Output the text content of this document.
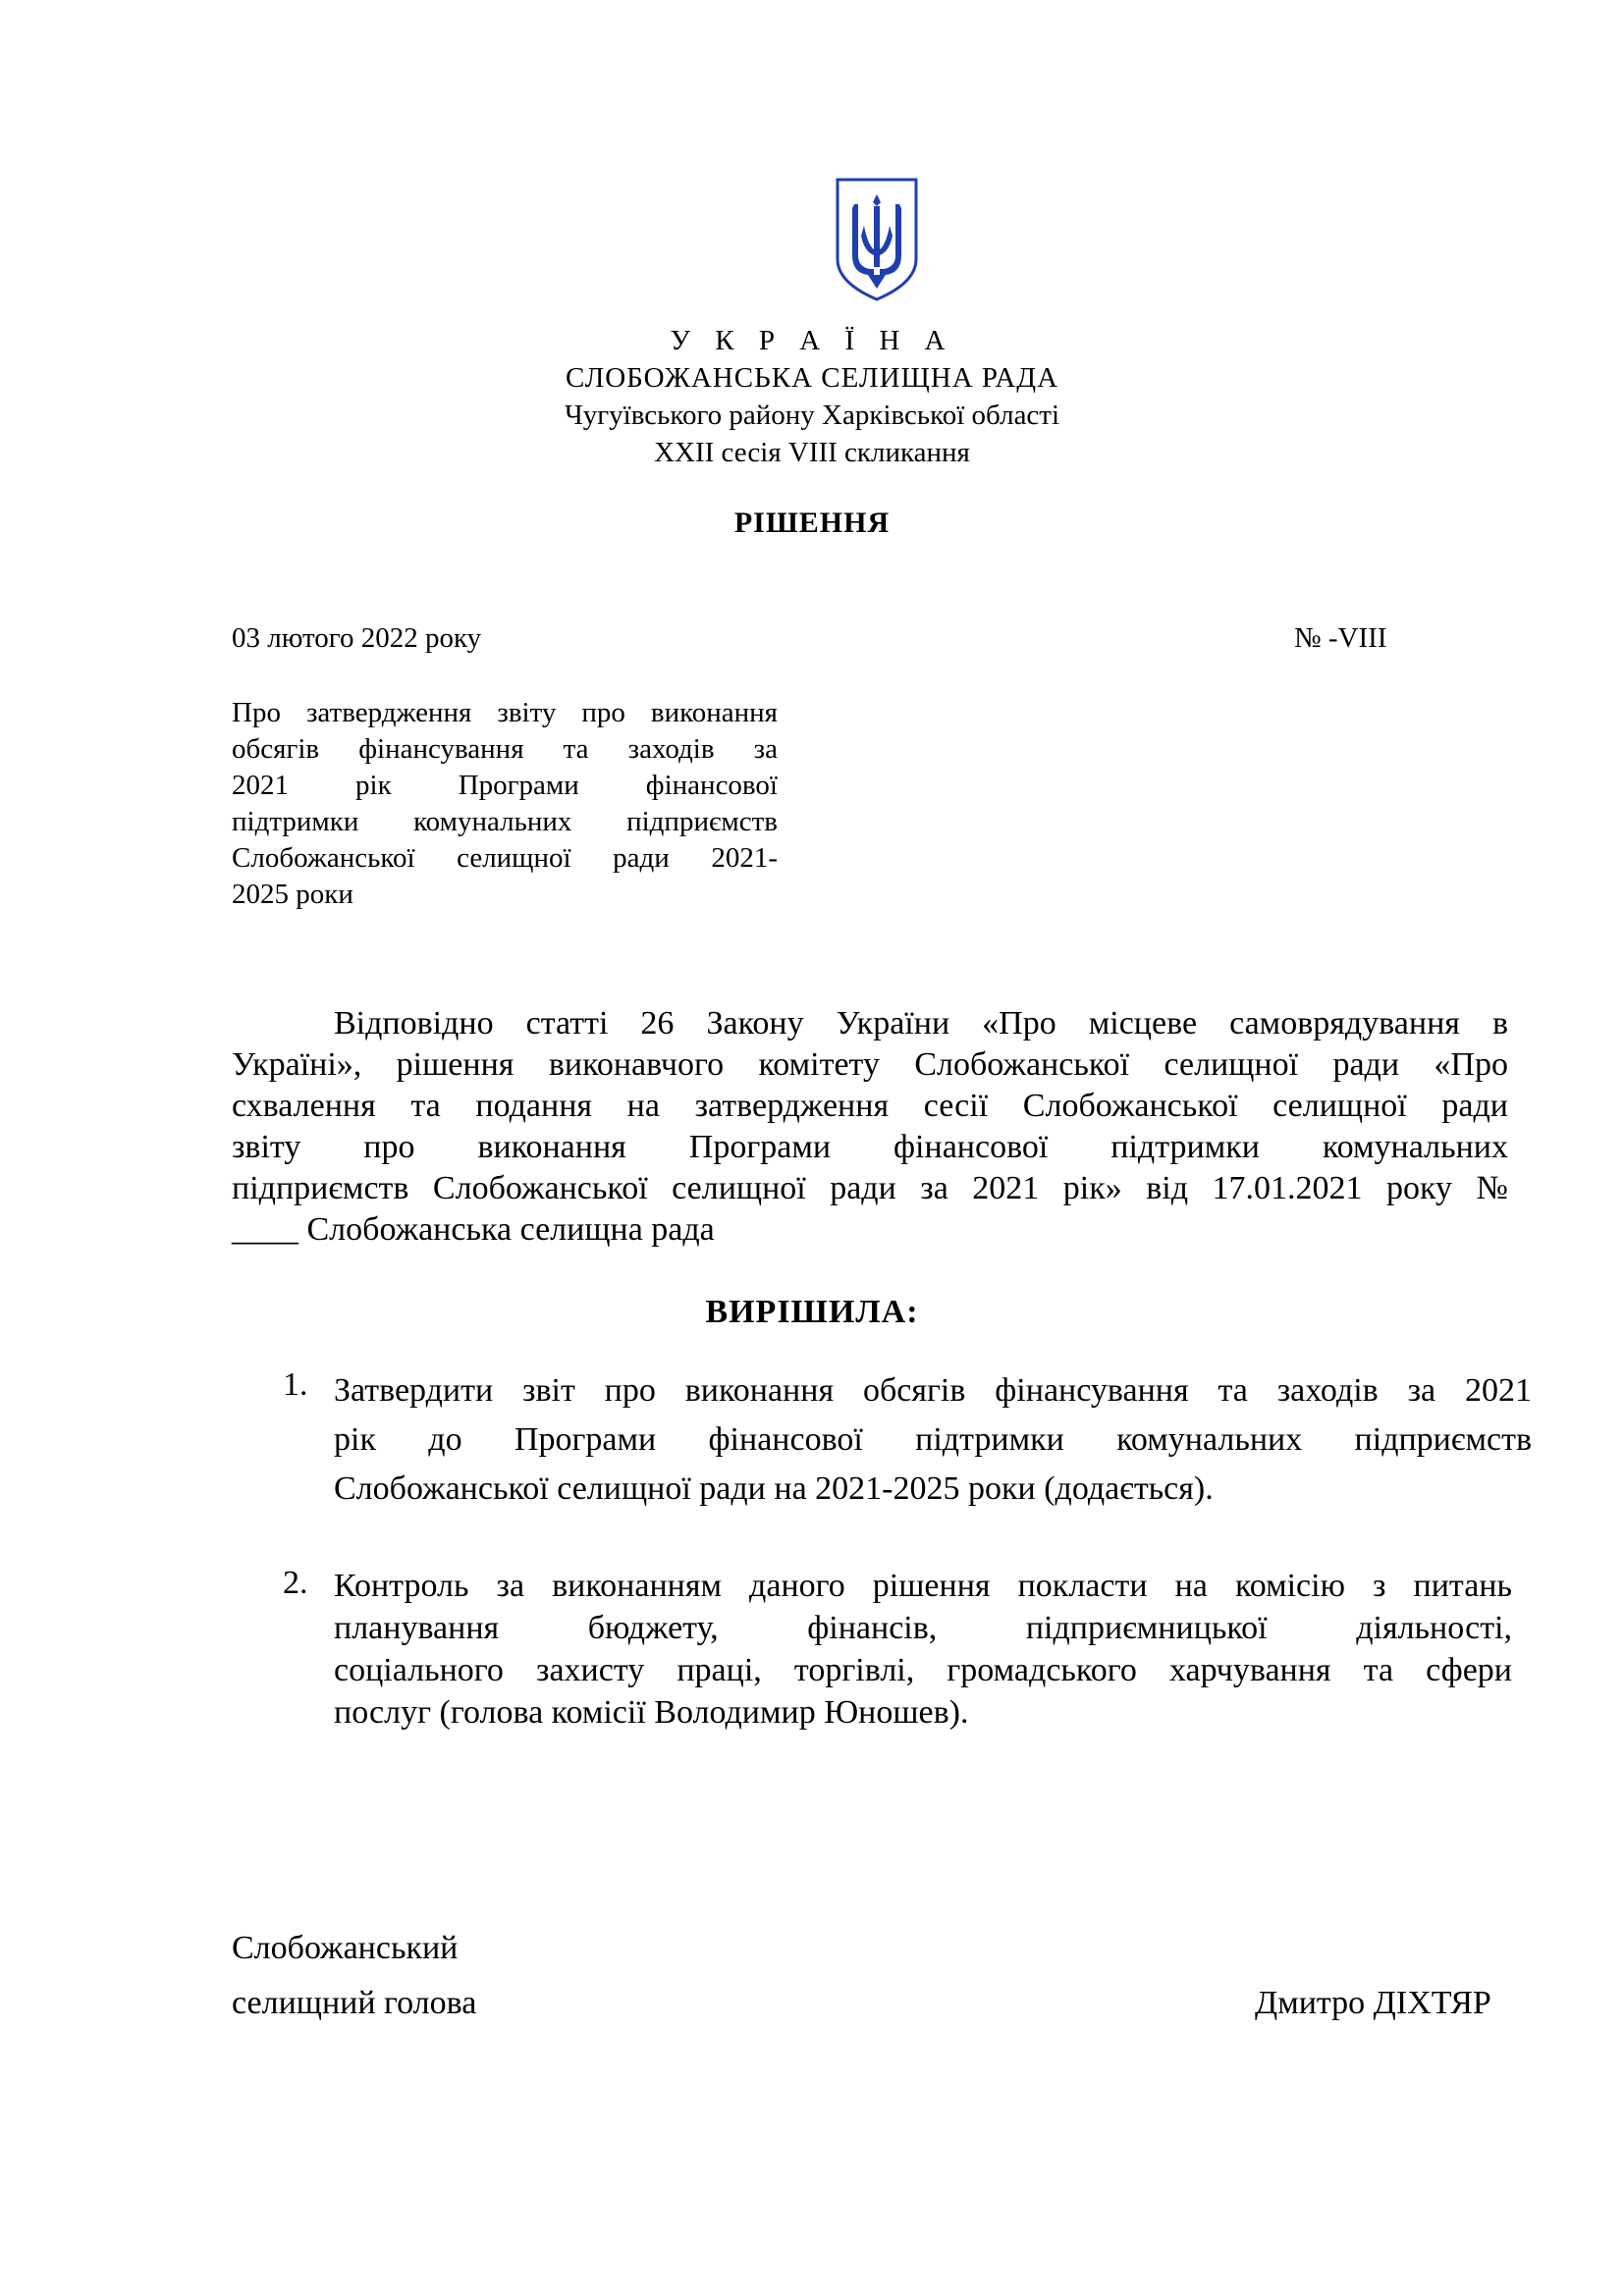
У К Р А Ї Н А
СЛОБОЖАНСЬКА СЕЛИЩНА РАДА
Чугуївського району Харківської області
XXII сесія VIII скликання
РІШЕННЯ
03 лютого 2022 року	№ -VIII
Про затвердження звіту про виконання
обсягів фінансування та заходів за
2021 рік Програми фінансової
підтримки комунальних підприємств
Слобожанської селищної ради 2021-
2025 роки
Відповідно статті 26 Закону України «Про місцеве самоврядування в
Україні», рішення виконавчого комітету Слобожанської селищної ради «Про
схвалення та подання на затвердження сесії Слобожанської селищної ради
звіту про виконання Програми фінансової підтримки комунальних
підприємств Слобожанської селищної ради за 2021 рік» від 17.01.2021 року №
____ Слобожанська селищна рада
ВИРІШИЛА:
1. Затвердити звіт про виконання обсягів фінансування та заходів за 2021
рік до Програми фінансової підтримки комунальних підприємств
Слобожанської селищної ради на 2021-2025 роки (додається).
2. Контроль за виконанням даного рішення покласти на комісію з питань
планування бюджету, фінансів, підприємницької діяльності,
соціального захисту праці, торгівлі, громадського харчування та сфери
послуг (голова комісії Володимир Юношев).
Слобожанський
селищний голова	Дмитро ДІХТЯР
